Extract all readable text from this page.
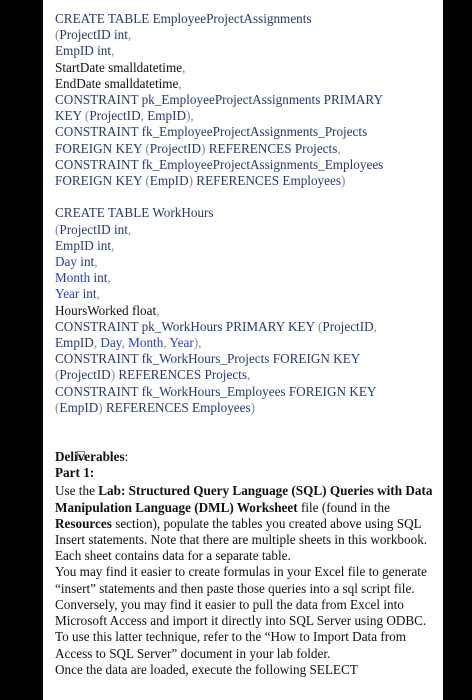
CREATE TABLE EmployeeProjectAssignments
(ProjectID int,
EmpID int,
StartDate smalldatetime,
EndDate smalldatetime,
CONSTRAINT pk_EmployeeProjectAssignments PRIMARY
KEY (ProjectID, EmpID),
CONSTRAINT fk_EmployeeProjectAssignments_Projects
FOREIGN KEY (ProjectID) REFERENCES Projects,
CONSTRAINT fk_EmployeeProjectAssignments_Employees
FOREIGN KEY (EmpID) REFERENCES Employees)
CREATE TABLE WorkHours
(ProjectID int,
EmpID int,
Day int,
Month int,
Year int,
HoursWorked float,
CONSTRAINT pk_WorkHours PRIMARY KEY (ProjectID,
EmpID, Day, Month, Year),
CONSTRAINT fk_WorkHours_Projects FOREIGN KEY
(ProjectID) REFERENCES Projects,
CONSTRAINT fk_WorkHours_Employees FOREIGN KEY
(EmpID) REFERENCES Employees)

Deliverables:
Part 1:
Use the Lab: Structured Query Language (SQL) Queries with Data Manipulation Language (DML) Worksheet file (found in the Resources section), populate the tables you created above using SQL Insert statements. Note that there are multiple sheets in this workbook. Each sheet contains data for a separate table.
You may find it easier to create formulas in your Excel file to generate “insert” statements and then paste those queries into a sql script file. Conversely, you may find it easier to pull the data from Excel into Microsoft Access and import it directly into SQL Server using ODBC. To use this latter technique, refer to the “How to Import Data from Access to SQL Server” document in your lab folder.
Once the data are loaded, execute the following SELECT
